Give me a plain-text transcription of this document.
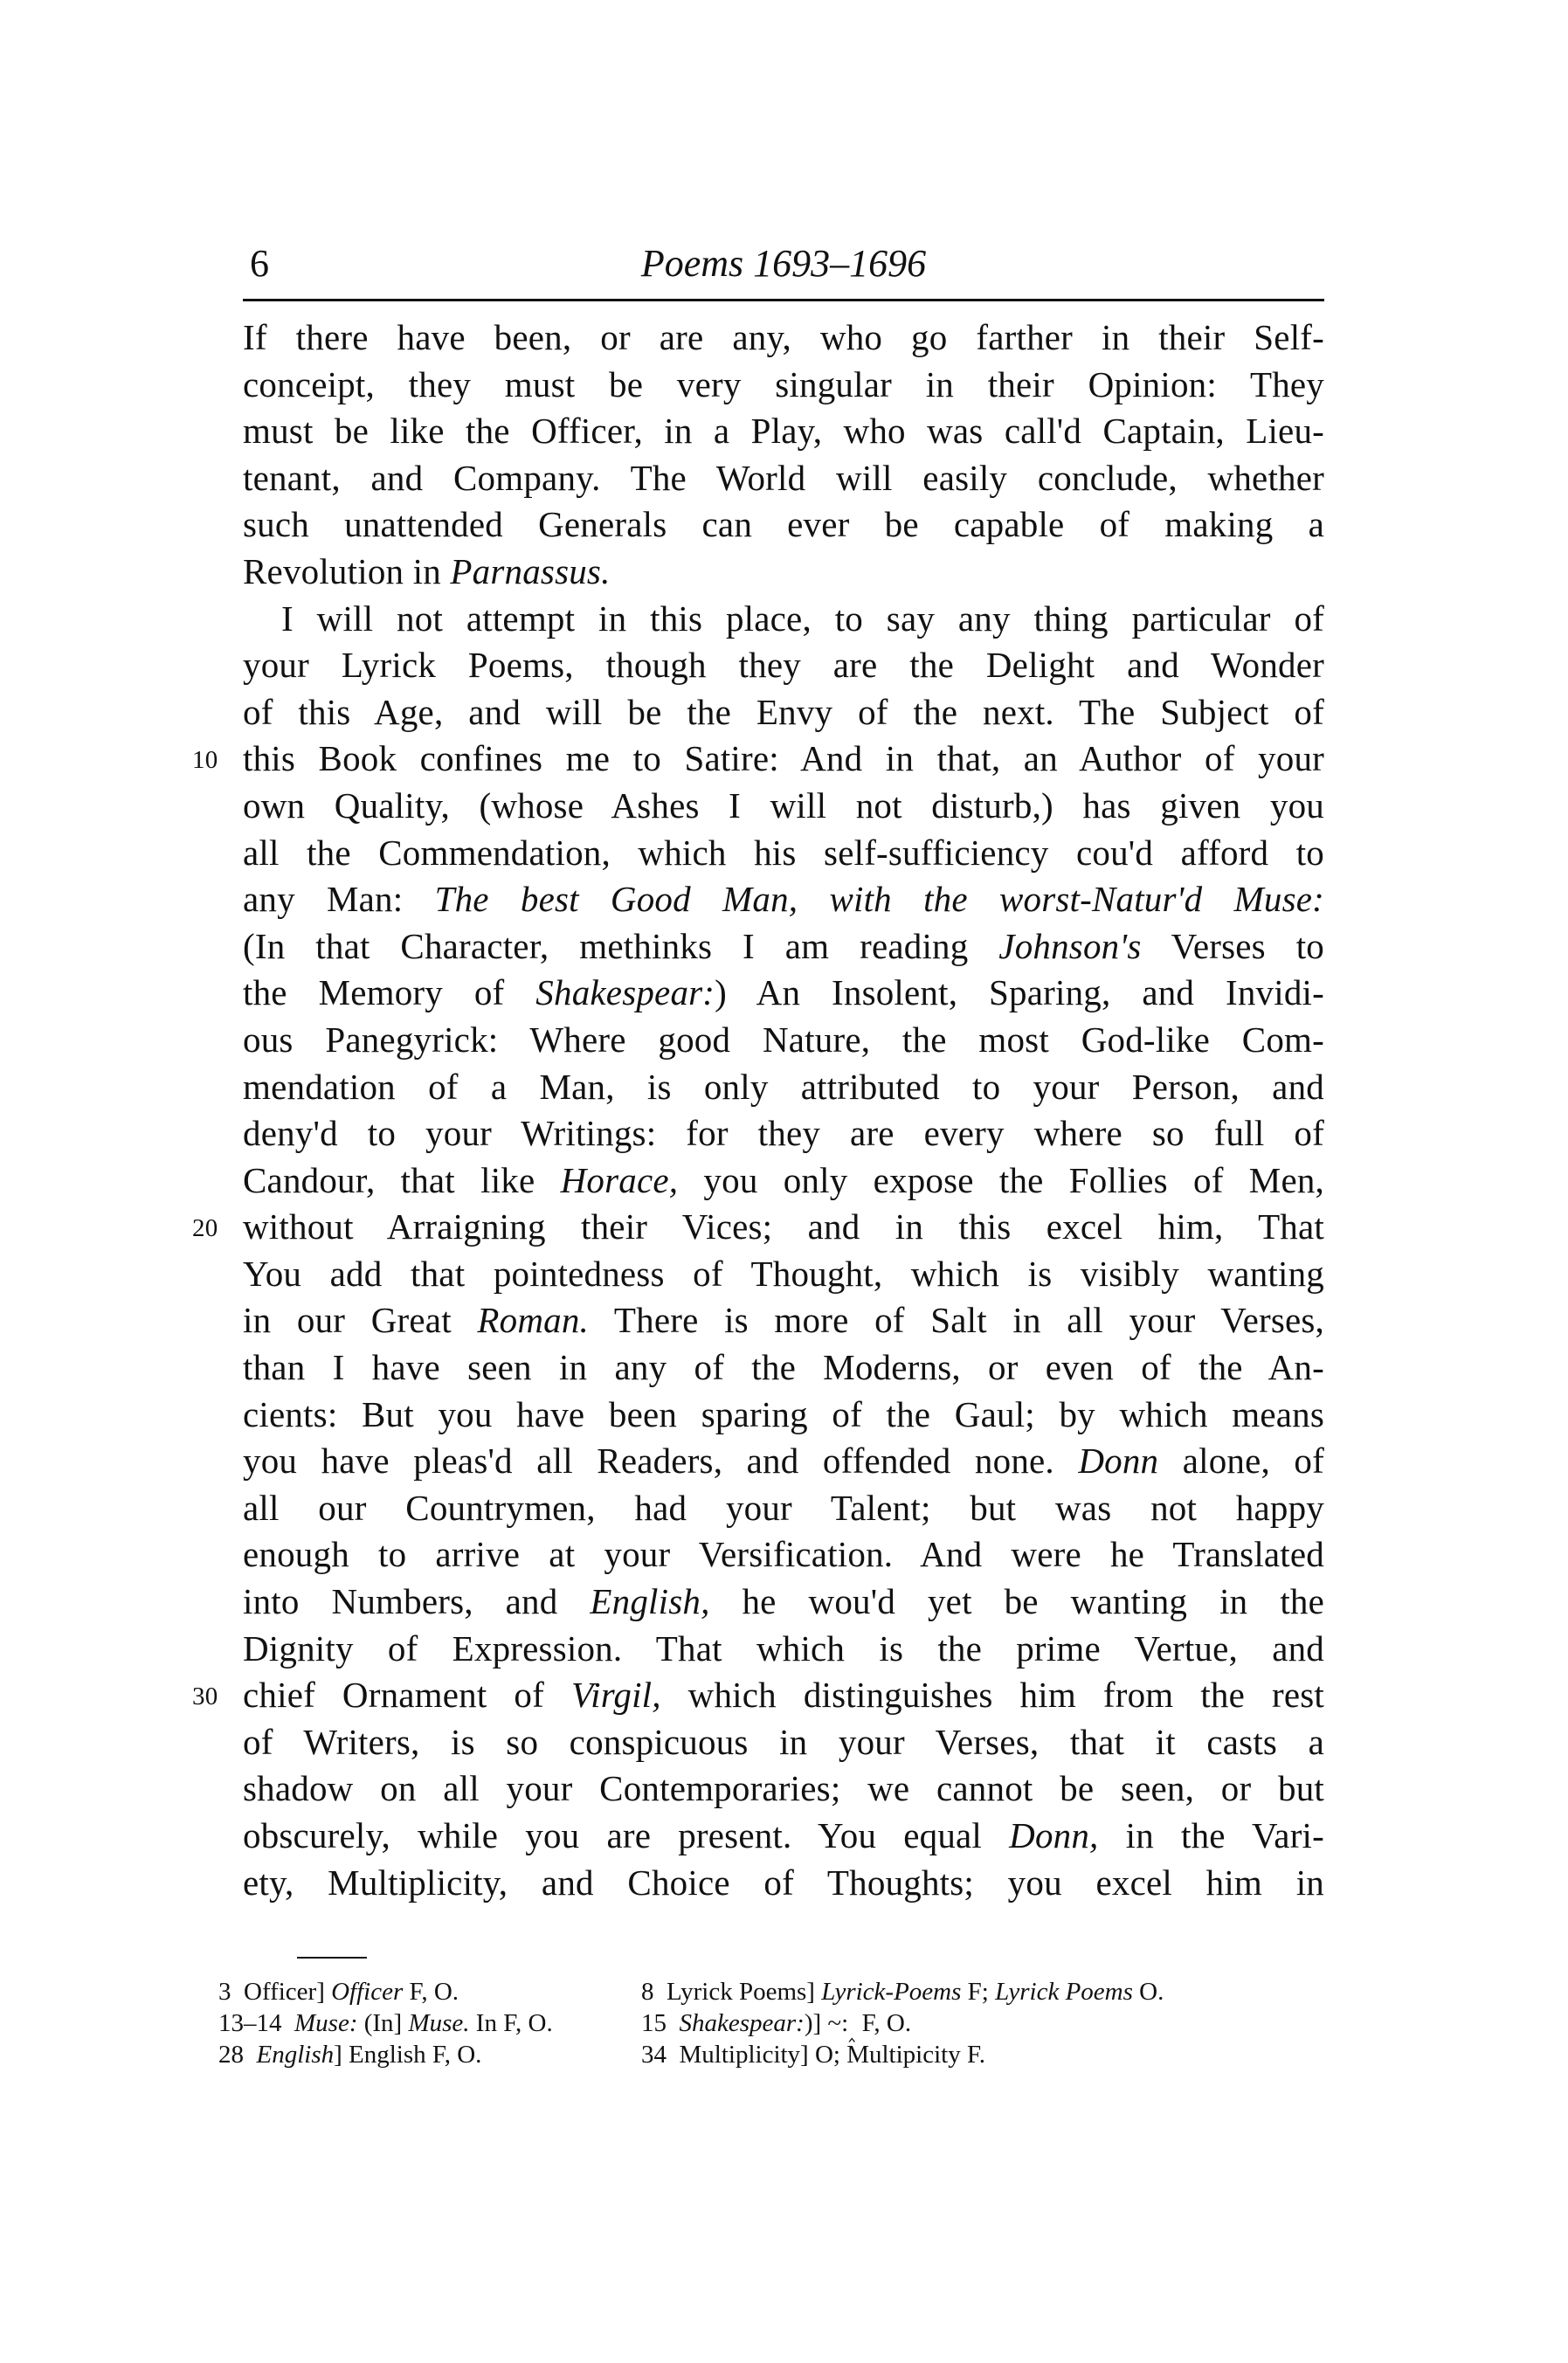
6	Poems 1693–1696
If there have been, or are any, who go farther in their Self-
conceipt, they must be very singular in their Opinion: They
must be like the Officer, in a Play, who was call'd Captain, Lieu-
tenant, and Company. The World will easily conclude, whether
such unattended Generals can ever be capable of making a
Revolution in Parnassus.
I will not attempt in this place, to say any thing particular of
your Lyrick Poems, though they are the Delight and Wonder
of this Age, and will be the Envy of the next. The Subject of
10 this Book confines me to Satire: And in that, an Author of your
own Quality, (whose Ashes I will not disturb,) has given you
all the Commendation, which his self-sufficiency cou'd afford to
any Man: The best Good Man, with the worst-Natur'd Muse:
(In that Character, methinks I am reading Johnson's Verses to
the Memory of Shakespear:) An Insolent, Sparing, and Invidi-
ous Panegyrick: Where good Nature, the most God-like Com-
mendation of a Man, is only attributed to your Person, and
deny'd to your Writings: for they are every where so full of
Candour, that like Horace, you only expose the Follies of Men,
20 without Arraigning their Vices; and in this excel him, That
You add that pointedness of Thought, which is visibly wanting
in our Great Roman. There is more of Salt in all your Verses,
than I have seen in any of the Moderns, or even of the An-
cients: But you have been sparing of the Gaul; by which means
you have pleas'd all Readers, and offended none. Donn alone, of
all our Countrymen, had your Talent; but was not happy
enough to arrive at your Versification. And were he Translated
into Numbers, and English, he wou'd yet be wanting in the
Dignity of Expression. That which is the prime Vertue, and
30 chief Ornament of Virgil, which distinguishes him from the rest
of Writers, is so conspicuous in your Verses, that it casts a
shadow on all your Contemporaries; we cannot be seen, or but
obscurely, while you are present. You equal Donn, in the Vari-
ety, Multiplicity, and Choice of Thoughts; you excel him in
3 Officer] Officer F, O.	8 Lyrick Poems] Lyrick-Poems F; Lyrick Poems O.
13–14 Muse: (In] Muse. In F, O.	15 Shakespear:)] $\sim:_‸$ F, O.
28 English] English F, O.	34 Multiplicity] O; Multipicity F.
